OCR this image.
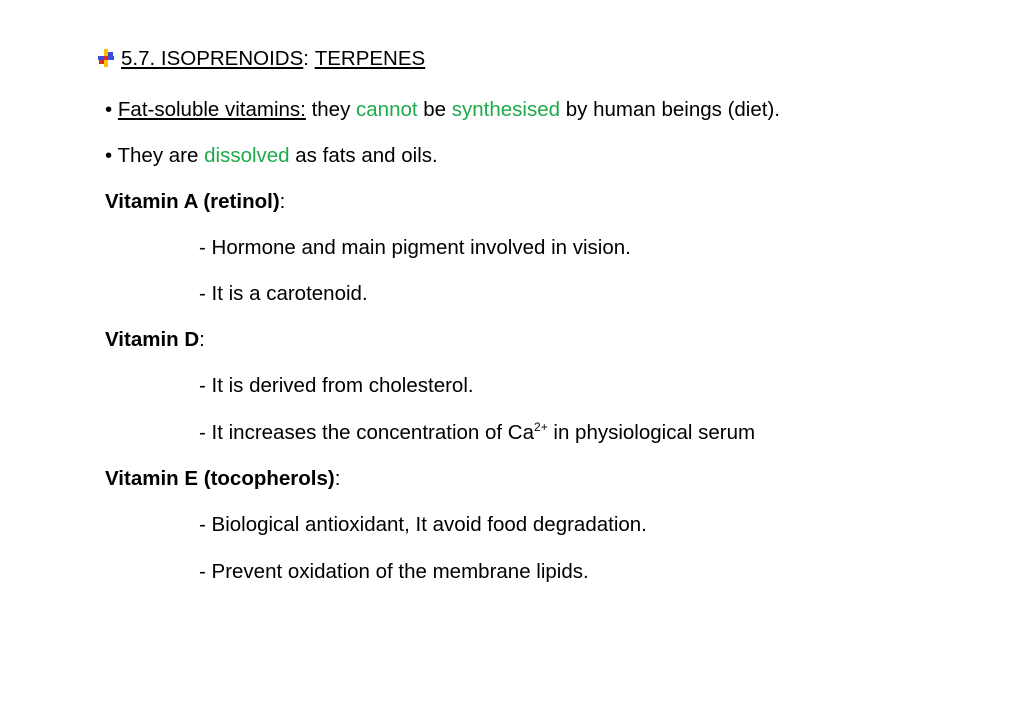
5.7. ISOPRENOIDS: TERPENES
• Fat-soluble vitamins: they cannot be synthesised by human beings (diet).
• They are dissolved as fats and oils.
Vitamin A (retinol):
- Hormone and main pigment involved in vision.
- It is a carotenoid.
Vitamin D:
- It is derived from cholesterol.
- It increases the concentration of $Ca^{2+}$ in physiological serum
Vitamin E (tocopherols):
- Biological antioxidant, It avoid food degradation.
- Prevent oxidation of the membrane lipids.
